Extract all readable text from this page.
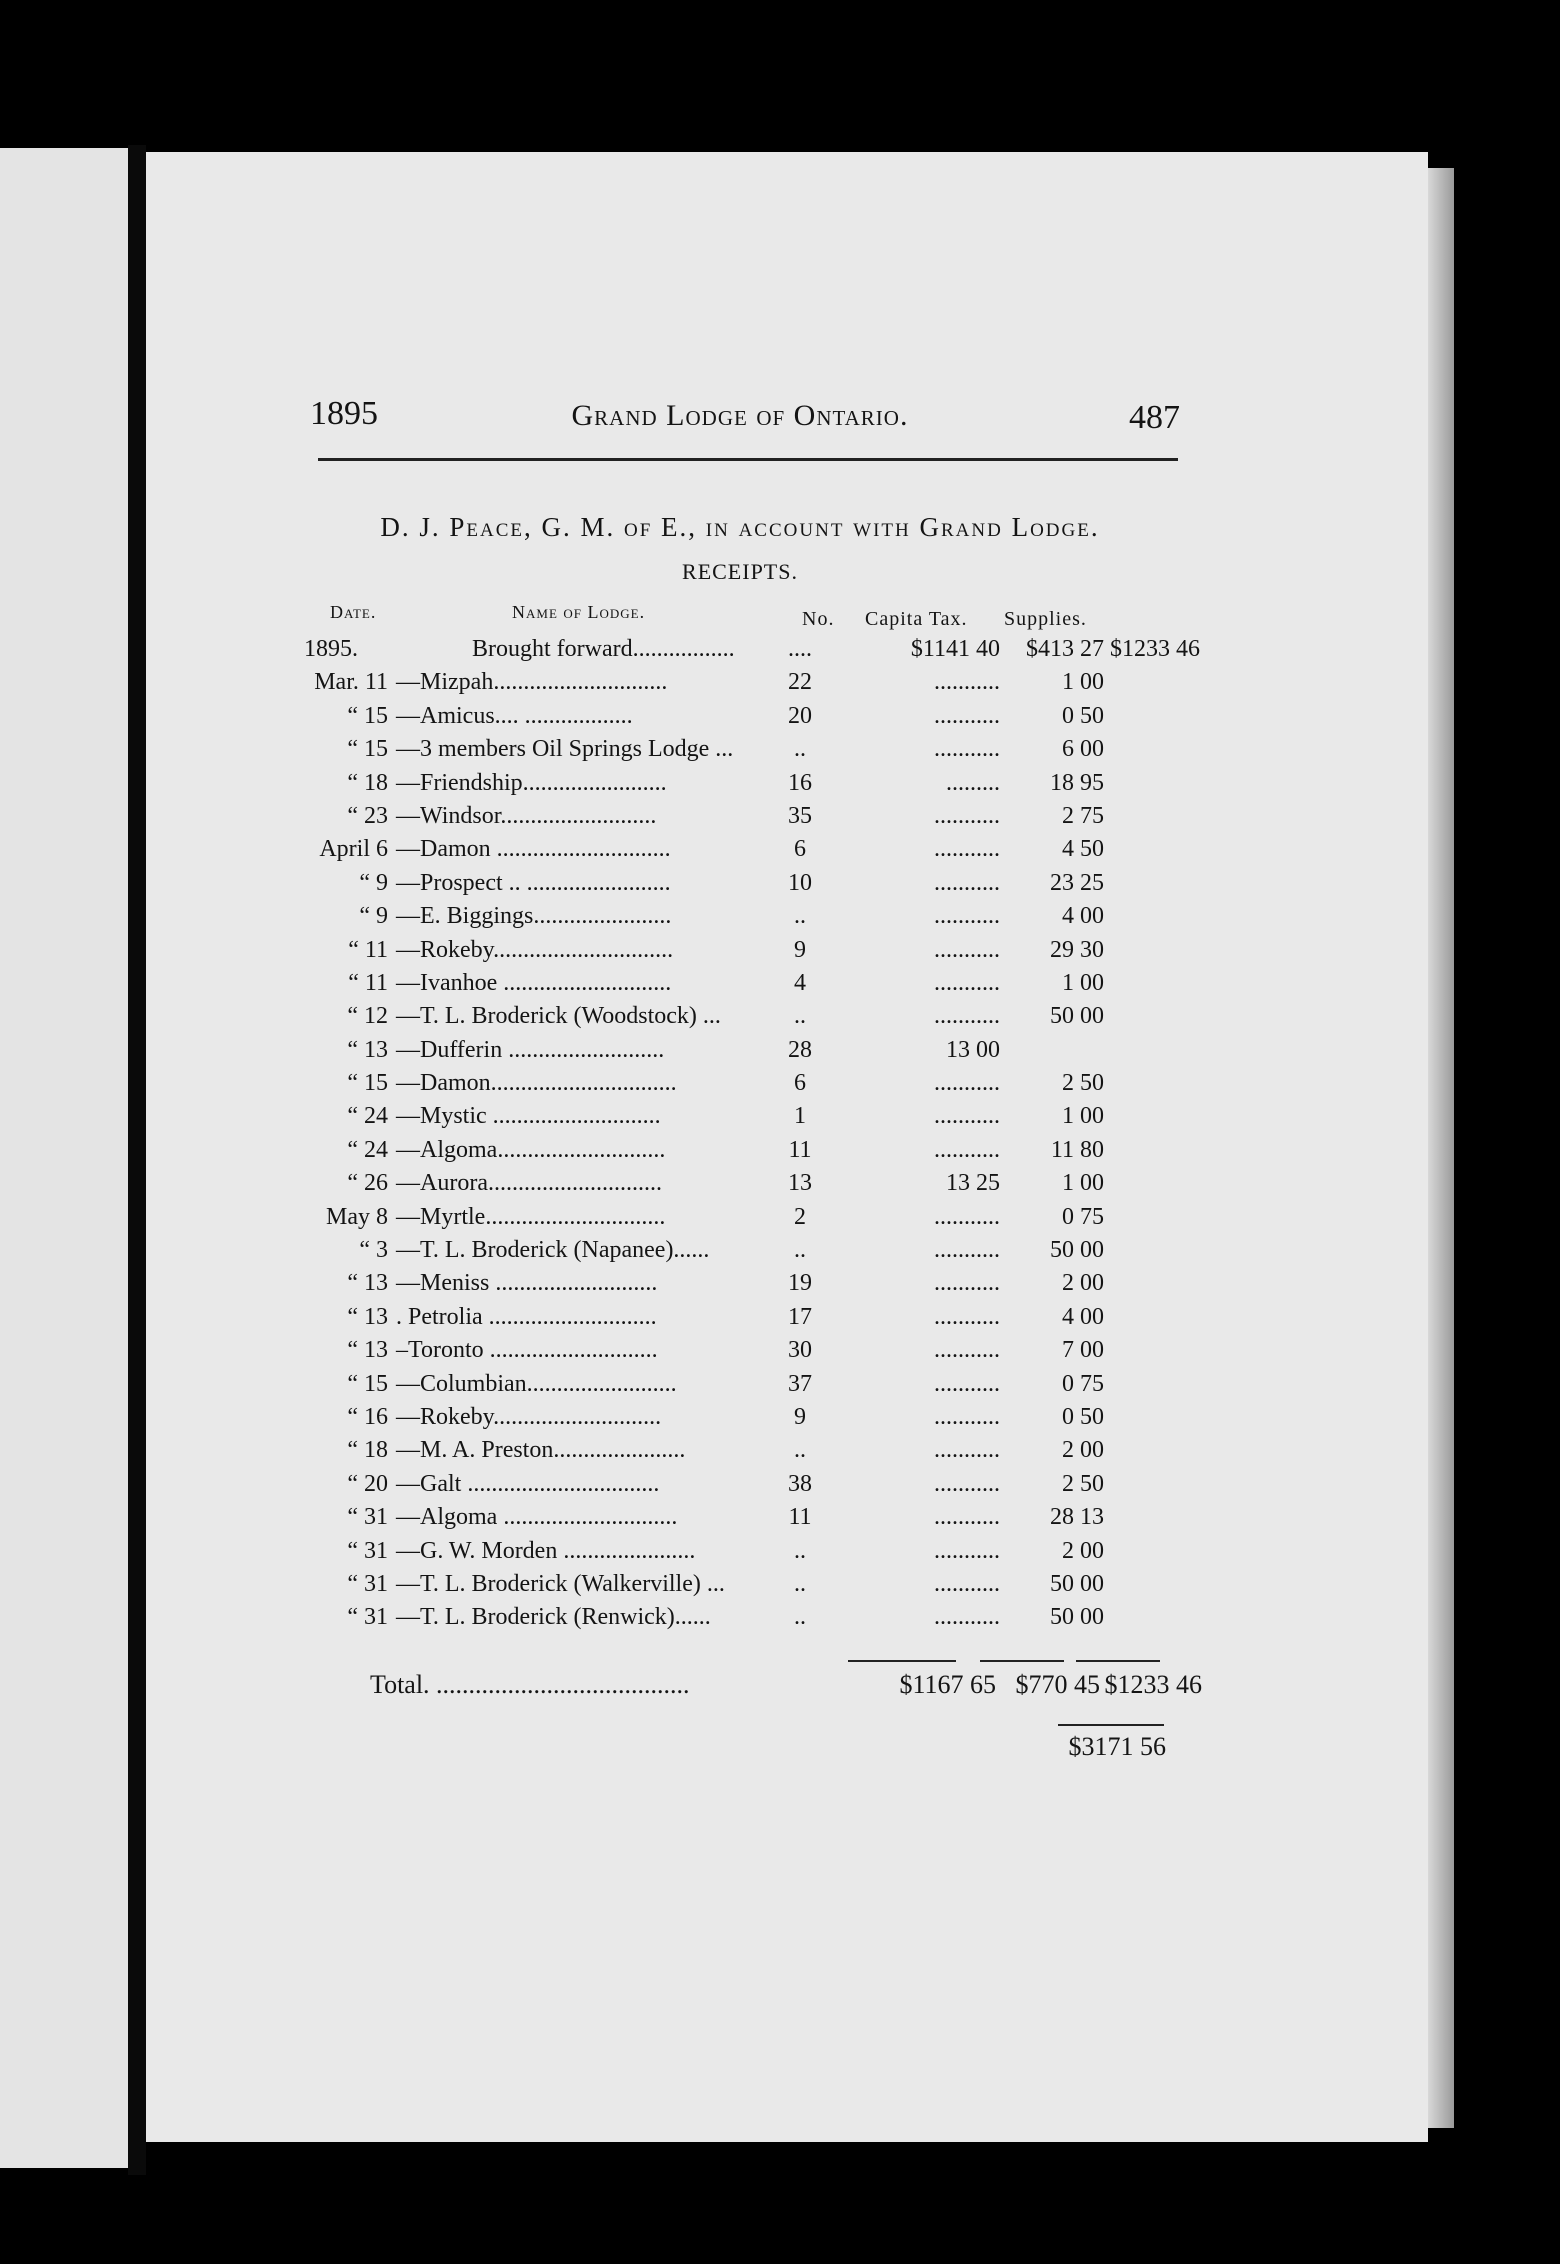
1895	Grand Lodge of Ontario.	487
D. J. Peace, G. M. of E., in account with Grand Lodge.
RECEIPTS.
Date.	Name of Lodge.	No. Capita Tax. Supplies.
1895.	Brought forward.................	....	$1141 40	$413 27 $1233 46
Mar. 11 —Mizpah.............................	22	...........	1 00
“ 15 —Amicus.... ..................	20	...........	0 50
“ 15 —3 members Oil Springs Lodge ...	..	...........	6 00
“ 18 —Friendship........................	16	.........	18 95
“ 23 —Windsor..........................	35	...........	2 75
April 6 —Damon .............................	6	...........	4 50
“ 9 —Prospect .. ........................	10	...........	23 25
“ 9 —E. Biggings.......................	..	...........	4 00
“ 11 —Rokeby..............................	9	...........	29 30
“ 11 —Ivanhoe ............................	4	...........	1 00
“ 12 —T. L. Broderick (Woodstock) ...	..	...........	50 00
“ 13 —Dufferin ..........................	28	13 00
“ 15 —Damon...............................	6	...........	2 50
“ 24 —Mystic ............................	1	...........	1 00
“ 24 —Algoma............................	11	...........	11 80
“ 26 —Aurora.............................	13	13 25	1 00
May 8 —Myrtle..............................	2	...........	0 75
“ 3 —T. L. Broderick (Napanee)......	..	...........	50 00
“ 13 —Meniss ...........................	19	...........	2 00
“ 13 . Petrolia ............................	17	...........	4 00
“ 13 –Toronto ............................	30	...........	7 00
“ 15 —Columbian.........................	37	...........	0 75
“ 16 —Rokeby............................	9	...........	0 50
“ 18 —M. A. Preston......................	..	...........	2 00
“ 20 —Galt ................................	38	...........	2 50
“ 31 —Algoma .............................	11	...........	28 13
“ 31 —G. W. Morden ......................	..	...........	2 00
“ 31 —T. L. Broderick (Walkerville) ...	..	...........	50 00
“ 31 —T. L. Broderick (Renwick)......	..	...........	50 00
Total. .......................................	$1167 65 $770 45 $1233 46
$3171 56
